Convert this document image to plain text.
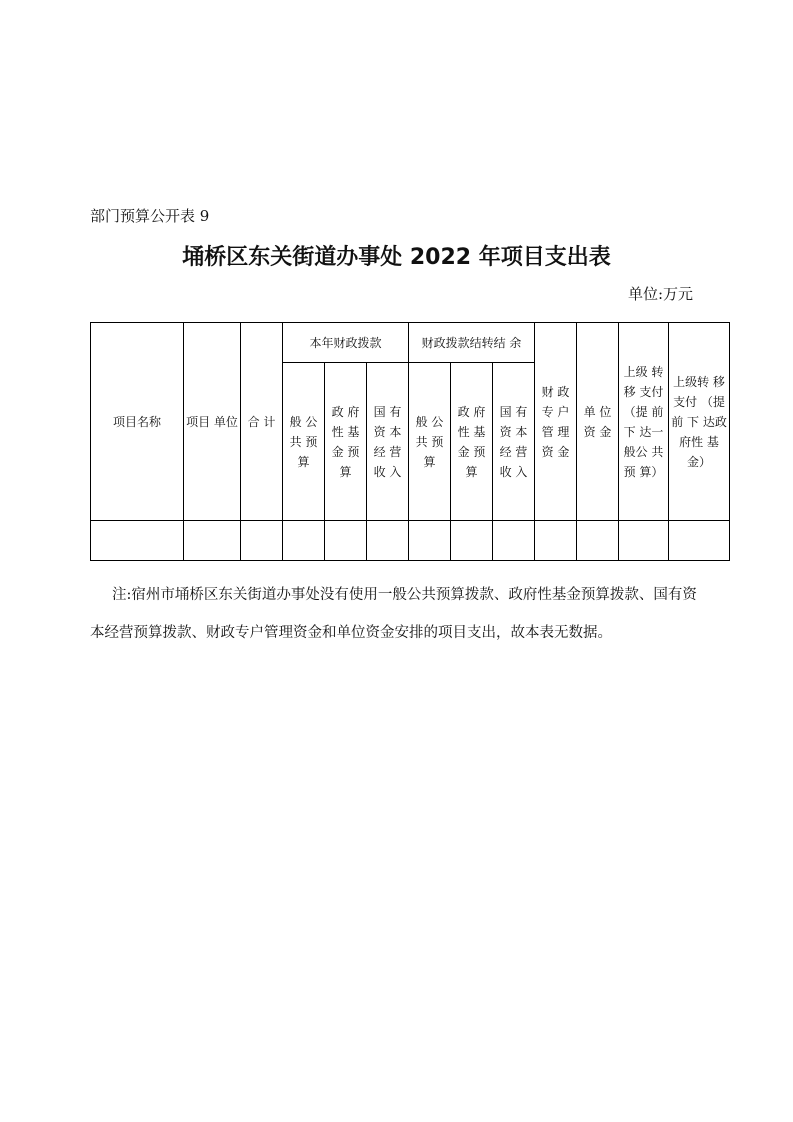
部门预算公开表 9
埇桥区东关街道办事处 2022 年项目支出表
单位:万元
项目名称	项目 单位	合 计	本年财政拨款			财政拨款结转结 余			财 政 专 户 管 理 资 金	单 位 资 金	上级 转 移 支付 （提 前 下 达一 般公 共 预 算）	上级转 移 支付 （提前 下 达政 府性 基 金）
			般 公 共 预 算	政 府 性 基 金 预 算	国 有 资 本 经 营 收 入	般 公 共 预 算	政 府 性 基 金 预 算	国 有 资 本 经 营 收 入				

注:宿州市埇桥区东关街道办事处没有使用一般公共预算拨款、政府性基金预算拨款、国有资本经营预算拨款、财政专户管理资金和单位资金安排的项目支出，故本表无数据。
